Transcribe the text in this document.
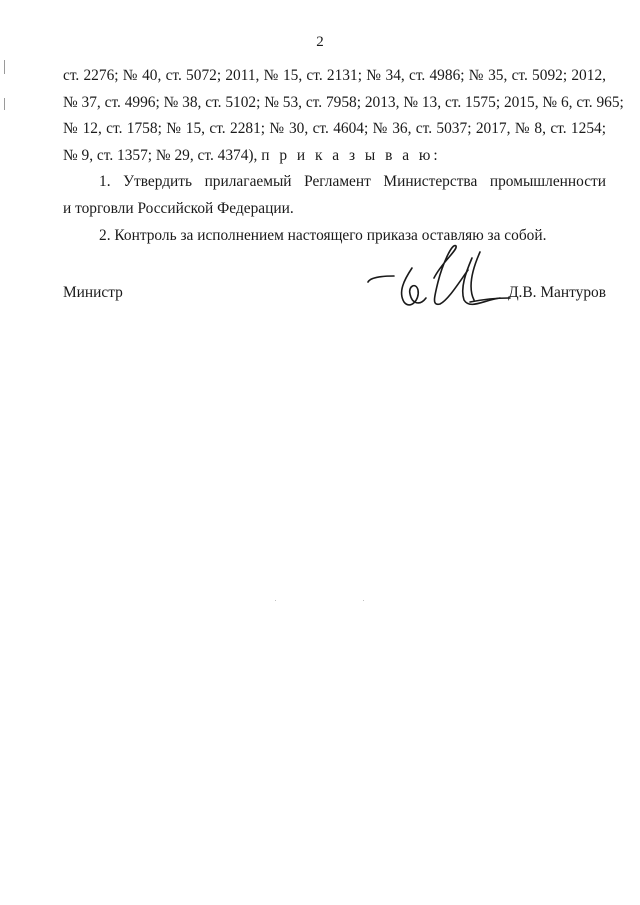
2

ст. 2276; № 40, ст. 5072; 2011, № 15, ст. 2131; № 34, ст. 4986; № 35, ст. 5092; 2012,
№ 37, ст. 4996; № 38, ст. 5102; № 53, ст. 7958; 2013, № 13, ст. 1575; 2015, № 6, ст. 965;
№ 12, ст. 1758; № 15, ст. 2281; № 30, ст. 4604; № 36, ст. 5037; 2017, № 8, ст. 1254;
№ 9, ст. 1357; № 29, ст. 4374), п р и к а з ы в а ю:

1. Утвердить прилагаемый Регламент Министерства промышленности
и торговли Российской Федерации.

2. Контроль за исполнением настоящего приказа оставляю за собой.

Министр	Д.В. Мантуров
